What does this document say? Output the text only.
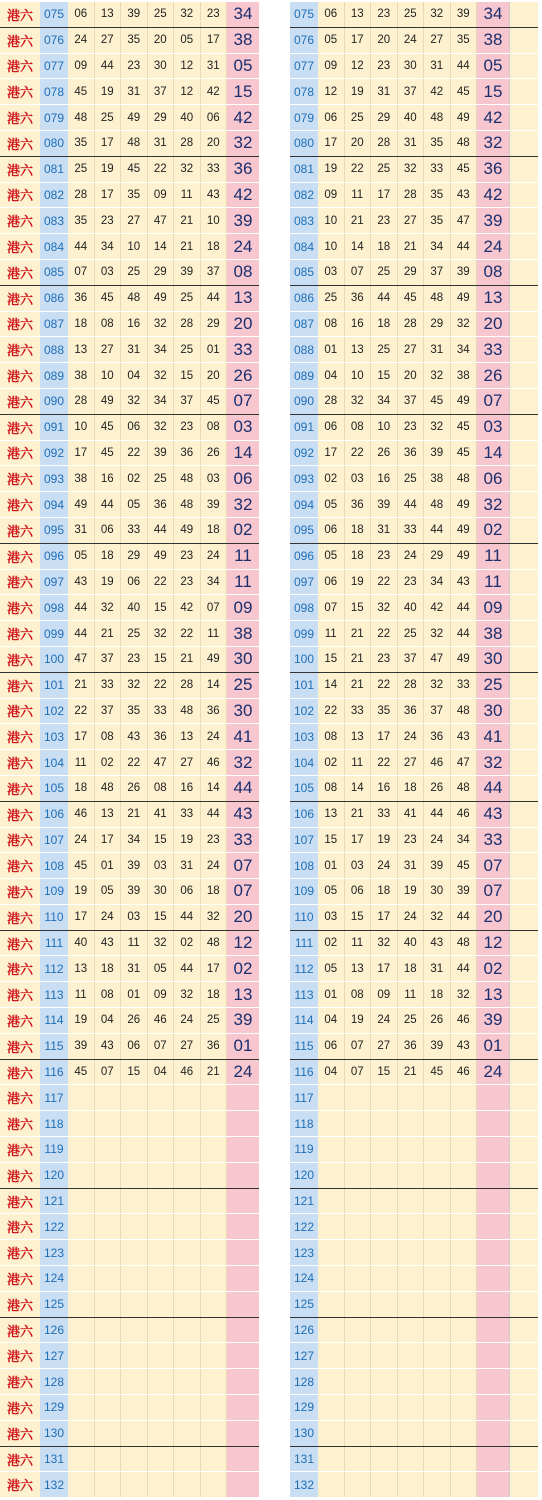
港六 075 06	13	39	25	32	23 34
港六 076 24	27	35	20	05	17 38
港六 077 09	44	23	30	12	31 05
港六 078 45	19	31	37	12	42 15
港六 079 48	25	49	29	40	06 42
港六 080 35	17	48	31	28	20 32
港六 081 25	19	45	22	32	33 36
港六 082 28	17	35	09	11	43 42
港六 083 35	23	27	47	21	10 39
港六 084 44	34	10	14	21	18 24
港六 085 07	03	25	29	39	37 08
港六 086 36	45	48	49	25	44 13
港六 087 18	08	16	32	28	29 20
港六 088 13	27	31	34	25	01 33
港六 089 38	10	04	32	15	20 26
港六 090 28	49	32	34	37	45 07
港六 091 10	45	06	32	23	08 03
港六 092 17	45	22	39	36	26 14
港六 093 38	16	02	25	48	03 06
港六 094 49	44	05	36	48	39 32
港六 095 31	06	33	44	49	18 02
港六 096 05	18	29	49	23	24 11
港六 097 43	19	06	22	23	34 11
港六 098 44	32	40	15	42	07 09
港六 099 44	21	25	32	22	11 38
港六 100 47	37	23	15	21	49 30
港六 101 21	33	32	22	28	14 25
港六 102 22	37	35	33	48	36 30
港六 103 17	08	43	36	13	24 41
港六 104 11	02	22	47	27	46 32
港六 105 18	48	26	08	16	14 44
港六 106 46	13	21	41	33	44 43
港六 107 24	17	34	15	19	23 33
港六 108 45	01	39	03	31	24 07
港六 109 19	05	39	30	06	18 07
港六 110 17	24	03	15	44	32 20
港六 111 40	43	11	32	02	48 12
港六 112 13	18	31	05	44	17 02
港六 113 11	08	01	09	32	18 13
港六 114 19	04	26	46	24	25 39
港六 115 39	43	06	07	27	36 01
港六 116 45	07	15	04	46	21 24
港六 117
港六 118
港六 119
港六 120
港六 121
港六 122
港六 123
港六 124
港六 125
港六 126
港六 127
港六 128
港六 129
港六 130
港六 131
港六 132
075 06	13	23	25	32	39 34
076 05	17	20	24	27	35 38
077 09	12	23	30	31	44 05
078 12	19	31	37	42	45 15
079 06	25	29	40	48	49 42
080 17	20	28	31	35	48 32
081 19	22	25	32	33	45 36
082 09	11	17	28	35	43 42
083 10	21	23	27	35	47 39
084 10	14	18	21	34	44 24
085 03	07	25	29	37	39 08
086 25	36	44	45	48	49 13
087 08	16	18	28	29	32 20
088 01	13	25	27	31	34 33
089 04	10	15	20	32	38 26
090 28	32	34	37	45	49 07
091 06	08	10	23	32	45 03
092 17	22	26	36	39	45 14
093 02	03	16	25	38	48 06
094 05	36	39	44	48	49 32
095 06	18	31	33	44	49 02
096 05	18	23	24	29	49 11
097 06	19	22	23	34	43 11
098 07	15	32	40	42	44 09
099 11	21	22	25	32	44 38
100 15	21	23	37	47	49 30
101 14	21	22	28	32	33 25
102 22	33	35	36	37	48 30
103 08	13	17	24	36	43 41
104 02	11	22	27	46	47 32
105 08	14	16	18	26	48 44
106 13	21	33	41	44	46 43
107 15	17	19	23	24	34 33
108 01	03	24	31	39	45 07
109 05	06	18	19	30	39 07
110 03	15	17	24	32	44 20
111 02	11	32	40	43	48 12
112 05	13	17	18	31	44 02
113 01	08	09	11	18	32 13
114 04	19	24	25	26	46 39
115 06	07	27	36	39	43 01
116 04	07	15	21	45	46 24
117
118
119
120
121
122
123
124
125
126
127
128
129
130
131
132
